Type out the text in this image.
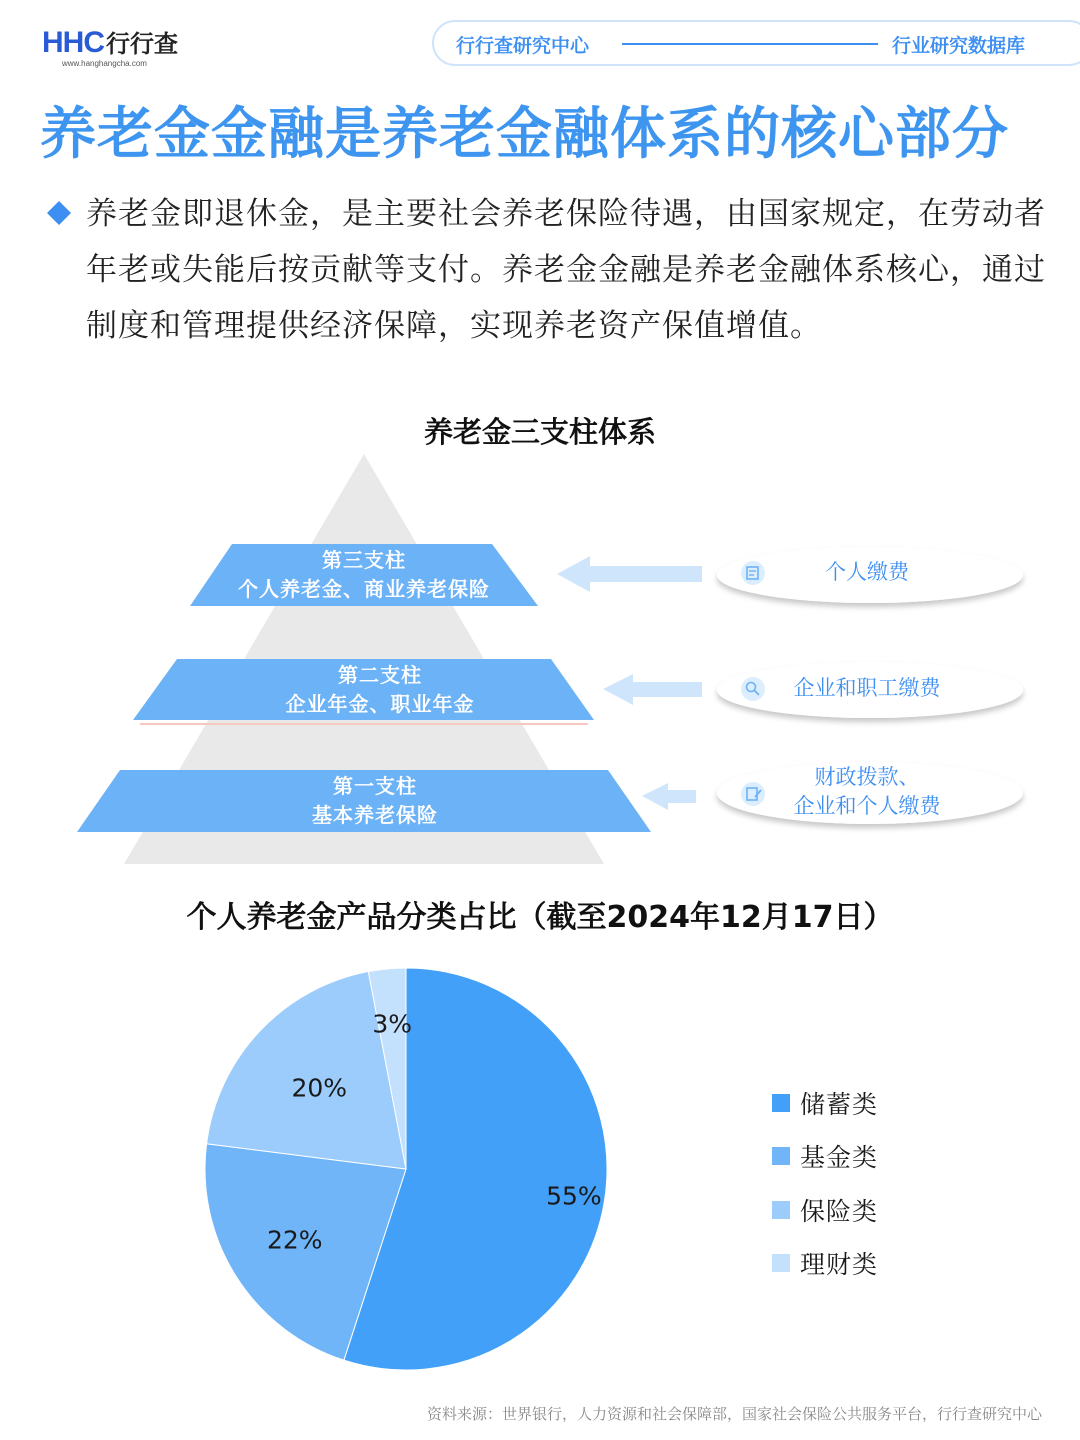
HHC 行行查
www.hanghangcha.com
行行查研究中心	行业研究数据库
养老金金融是养老金融体系的核心部分
养老金即退休金，是主要社会养老保险待遇，由国家规定，在劳动者年老或失能后按贡献等支付。养老金金融是养老金融体系核心，通过制度和管理提供经济保障，实现养老资产保值增值。
养老金三支柱体系
第三支柱
个人养老金、商业养老保险
第二支柱
企业年金、职业年金
第一支柱
基本养老保险
个人缴费
企业和职工缴费
财政拨款、
企业和个人缴费
个人养老金产品分类占比（截至2024年12月17日）
55%
22%
20%
3%
储蓄类
基金类
保险类
理财类
资料来源：世界银行，人力资源和社会保障部，国家社会保险公共服务平台，行行查研究中心
